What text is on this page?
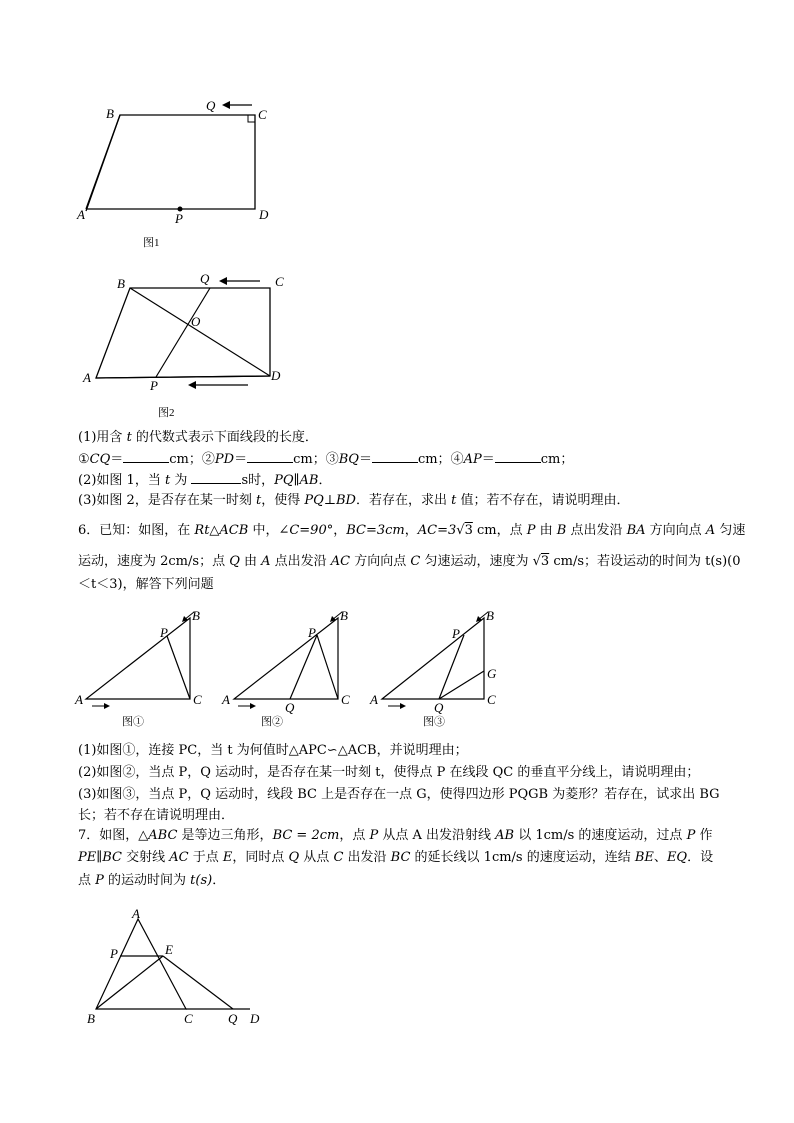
B
Q
C
A	P	D
图1
B	Q	C
O
A
P
D
图2
(1)用含 t 的代数式表示下面线段的长度．
①CQ＝	cm；②PD＝	cm；③BQ＝	cm；④AP＝	cm；
(2)如图 1，当 t 为	s时，PQ∥AB．
(3)如图 2，是否存在某一时刻 t，使得 PQ⊥BD．若存在，求出 t 值；若不存在，请说明理由．
6．已知：如图，在 Rt△ACB 中，∠C=90°，BC=3cm，AC=3√3 cm，点 P 由 B 点出发沿 BA 方向向点 A 匀速
运动，速度为 2cm/s；点 Q 由 A 点出发沿 AC 方向向点 C 匀速运动，速度为 √3 cm/s；若设运动的时间为 t(s)(0
＜t＜3)，解答下列问题
B
P
A	C
图①
B
P
A
Q
C
图②
B
P
G
A
Q
C
图③
(1)如图①，连接 PC，当 t 为何值时△APC∽△ACB，并说明理由；
(2)如图②，当点 P，Q 运动时，是否存在某一时刻 t，使得点 P 在线段 QC 的垂直平分线上，请说明理由；
(3)如图③，当点 P，Q 运动时，线段 BC 上是否存在一点 G，使得四边形 PQGB 为菱形？若存在，试求出 BG
长；若不存在请说明理由．
7．如图，△ABC 是等边三角形，BC = 2cm，点 P 从点 A 出发沿射线 AB 以 1cm/s 的速度运动，过点 P 作
PE∥BC 交射线 AC 于点 E，同时点 Q 从点 C 出发沿 BC 的延长线以 1cm/s 的速度运动，连结 BE、EQ．设
点 P 的运动时间为 t(s)．
A
P	E
B	C	Q D
